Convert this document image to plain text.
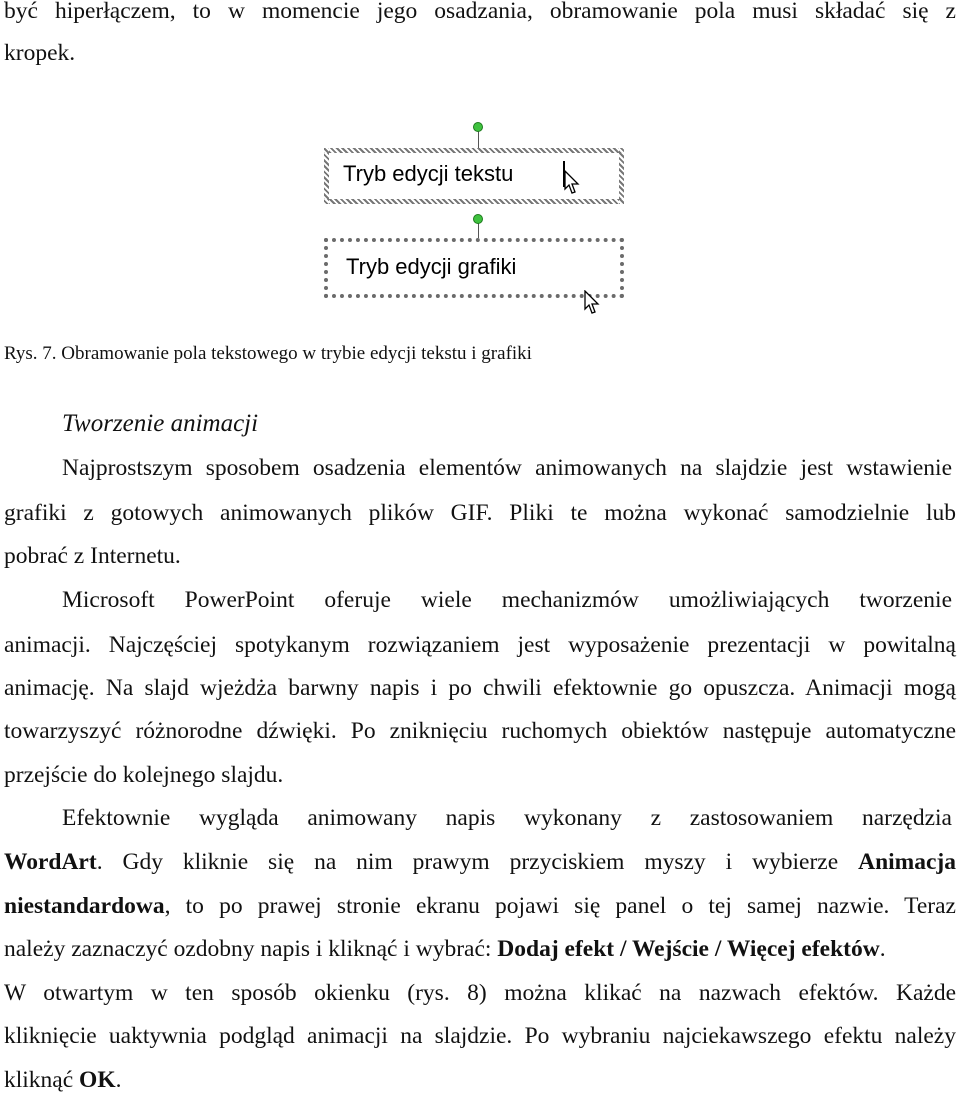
być hiperłączem, to w momencie jego osadzania, obramowanie pola musi składać się z
kropek.
Tryb edycji tekstu
Tryb edycji grafiki
Rys. 7. Obramowanie pola tekstowego w trybie edycji tekstu i grafiki
Tworzenie animacji
Najprostszym sposobem osadzenia elementów animowanych na slajdzie jest wstawienie
grafiki z gotowych animowanych plików GIF. Pliki te można wykonać samodzielnie lub
pobrać z Internetu.
Microsoft PowerPoint oferuje wiele mechanizmów umożliwiających tworzenie
animacji. Najczęściej spotykanym rozwiązaniem jest wyposażenie prezentacji w powitalną
animację. Na slajd wjeżdża barwny napis i po chwili efektownie go opuszcza. Animacji mogą
towarzyszyć różnorodne dźwięki. Po zniknięciu ruchomych obiektów następuje automatyczne
przejście do kolejnego slajdu.
Efektownie wygląda animowany napis wykonany z zastosowaniem narzędzia
WordArt. Gdy kliknie się na nim prawym przyciskiem myszy i wybierze Animacja
niestandardowa, to po prawej stronie ekranu pojawi się panel o tej samej nazwie. Teraz
należy zaznaczyć ozdobny napis i kliknąć i wybrać: Dodaj efekt / Wejście / Więcej efektów.
W otwartym w ten sposób okienku (rys. 8) można klikać na nazwach efektów. Każde
kliknięcie uaktywnia podgląd animacji na slajdzie. Po wybraniu najciekawszego efektu należy
kliknąć OK.
